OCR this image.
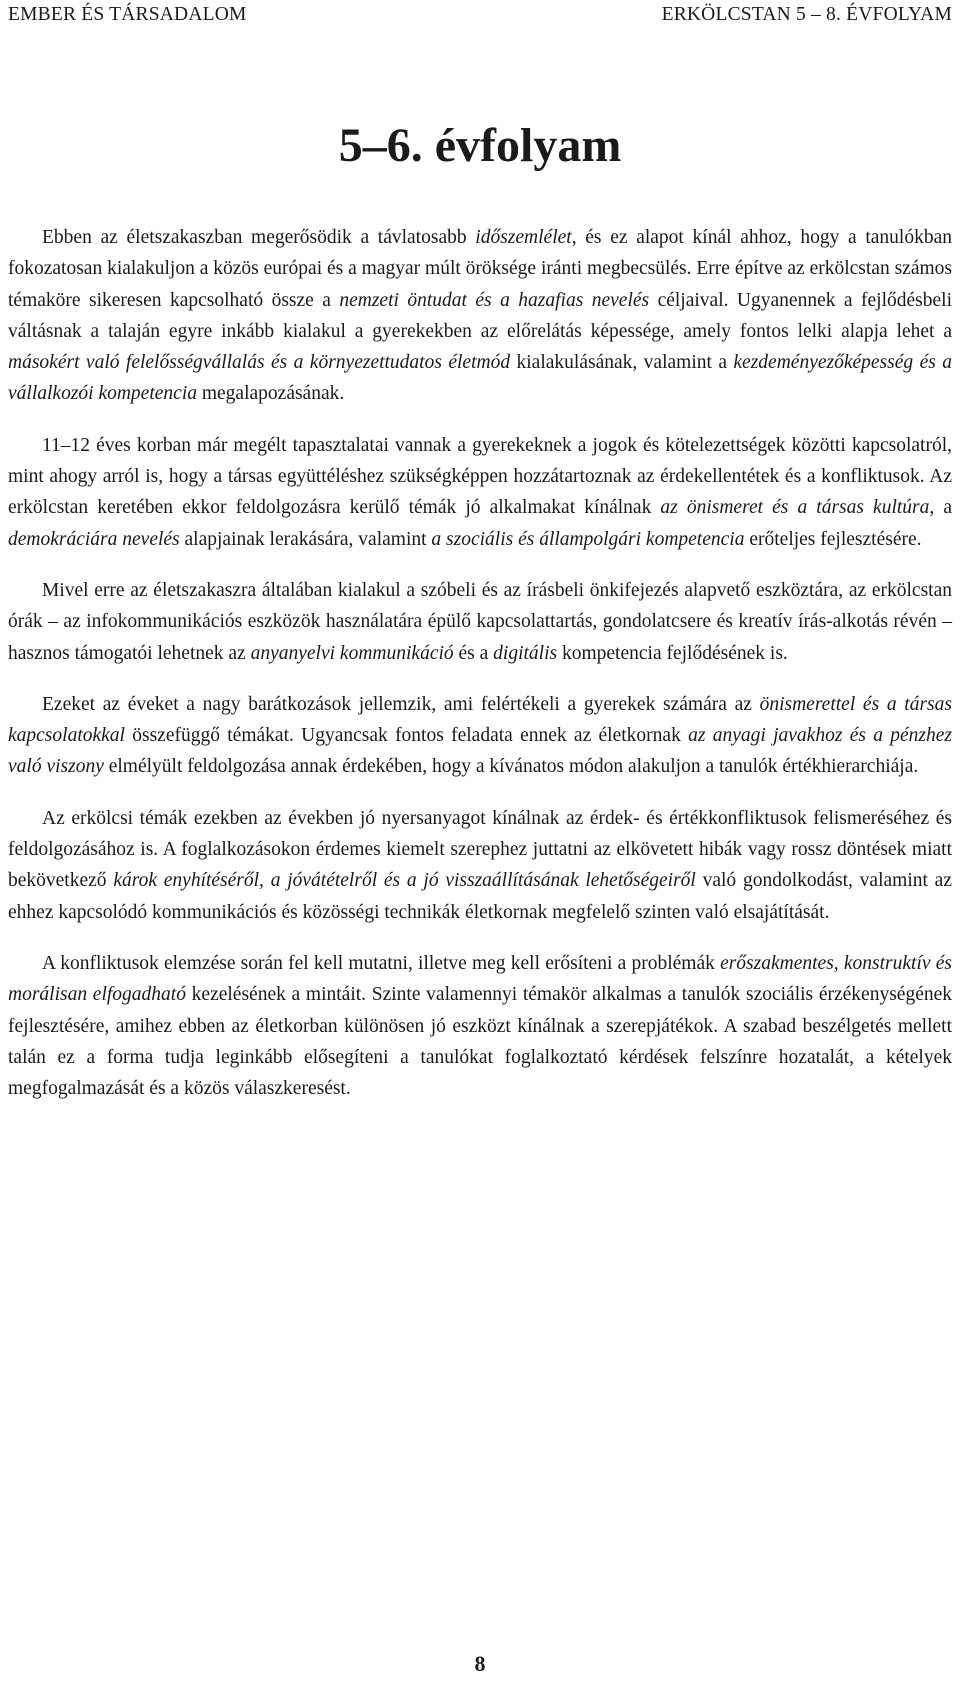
EMBER ÉS TÁRSADALOM	ERKÖLCSTAN 5 – 8. ÉVFOLYAM
5–6. évfolyam

Ebben az életszakaszban megerősödik a távlatosabb időszemlélet, és ez alapot kínál ahhoz, hogy a tanulókban fokozatosan kialakuljon a közös európai és a magyar múlt öröksége iránti megbecsülés. Erre építve az erkölcstan számos témaköre sikeresen kapcsolható össze a nemzeti öntudat és a hazafias nevelés céljaival. Ugyanennek a fejlődésbeli váltásnak a talaján egyre inkább kialakul a gyerekekben az előrelátás képessége, amely fontos lelki alapja lehet a másokért való felelősségvállalás és a környezettudatos életmód kialakulásának, valamint a kezdeményezőképesség és a vállalkozói kompetencia megalapozásának.

11–12 éves korban már megélt tapasztalatai vannak a gyerekeknek a jogok és kötelezettségek közötti kapcsolatról, mint ahogy arról is, hogy a társas együttéléshez szükségképpen hozzátartoznak az érdekellentétek és a konfliktusok. Az erkölcstan keretében ekkor feldolgozásra kerülő témák jó alkalmakat kínálnak az önismeret és a társas kultúra, a demokráciára nevelés alapjainak lerakására, valamint a szociális és állampolgári kompetencia erőteljes fejlesztésére.

Mivel erre az életszakaszra általában kialakul a szóbeli és az írásbeli önkifejezés alapvető eszköztára, az erkölcstan órák – az infokommunikációs eszközök használatára épülő kapcsolattartás, gondolatcsere és kreatív írás-alkotás révén – hasznos támogatói lehetnek az anyanyelvi kommunikáció és a digitális kompetencia fejlődésének is.

Ezeket az éveket a nagy barátkozások jellemzik, ami felértékeli a gyerekek számára az önismerettel és a társas kapcsolatokkal összefüggő témákat. Ugyancsak fontos feladata ennek az életkornak az anyagi javakhoz és a pénzhez való viszony elmélyült feldolgozása annak érdekében, hogy a kívánatos módon alakuljon a tanulók értékhierarchiája.

Az erkölcsi témák ezekben az években jó nyersanyagot kínálnak az érdek- és értékkonfliktusok felismeréséhez és feldolgozásához is. A foglalkozásokon érdemes kiemelt szerephez juttatni az elkövetett hibák vagy rossz döntések miatt bekövetkező károk enyhítéséről, a jóvátételről és a jó visszaállításának lehetőségeiről való gondolkodást, valamint az ehhez kapcsolódó kommunikációs és közösségi technikák életkornak megfelelő szinten való elsajátítását.

A konfliktusok elemzése során fel kell mutatni, illetve meg kell erősíteni a problémák erőszakmentes, konstruktív és morálisan elfogadható kezelésének a mintáit. Szinte valamennyi témakör alkalmas a tanulók szociális érzékenységének fejlesztésére, amihez ebben az életkorban különösen jó eszközt kínálnak a szerepjátékok. A szabad beszélgetés mellett talán ez a forma tudja leginkább elősegíteni a tanulókat foglalkoztató kérdések felszínre hozatalát, a kételyek megfogalmazását és a közös válaszkeresést.

8
